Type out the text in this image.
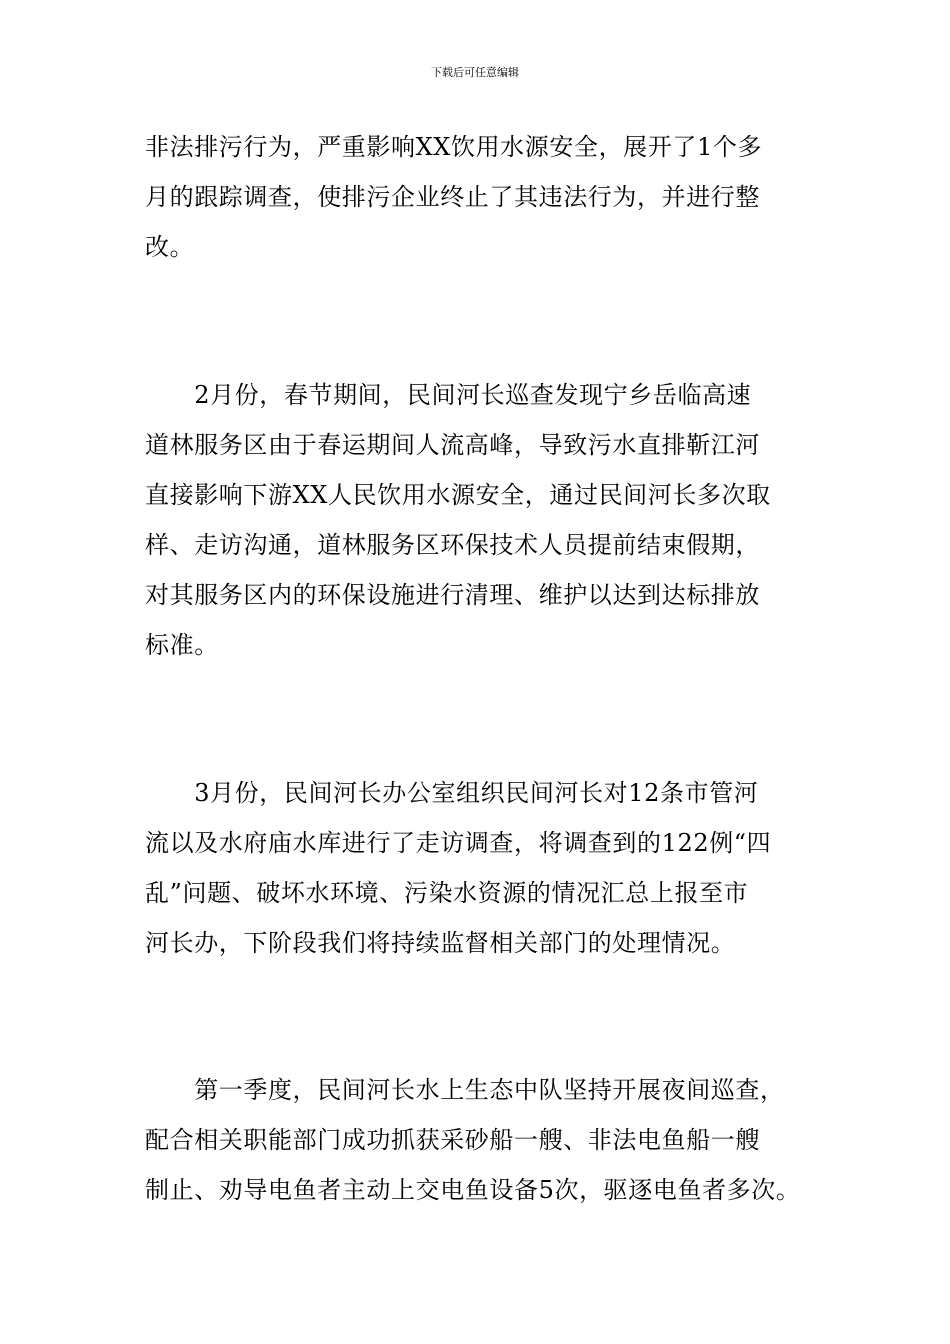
下载后可任意编辑
非法排污行为，严重影响XX饮用水源安全，展开了1个多
月的跟踪调查，使排污企业终止了其违法行为，并进行整
改。
　　2月份，春节期间，民间河长巡查发现宁乡岳临高速
道林服务区由于春运期间人流高峰，导致污水直排靳江河
直接影响下游XX人民饮用水源安全，通过民间河长多次取
样、走访沟通，道林服务区环保技术人员提前结束假期，
对其服务区内的环保设施进行清理、维护以达到达标排放
标准。
　　3月份，民间河长办公室组织民间河长对12条市管河
流以及水府庙水库进行了走访调查，将调查到的122例“四
乱”问题、破坏水环境、污染水资源的情况汇总上报至市
河长办，下阶段我们将持续监督相关部门的处理情况。
　　第一季度，民间河长水上生态中队坚持开展夜间巡查，
配合相关职能部门成功抓获采砂船一艘、非法电鱼船一艘
制止、劝导电鱼者主动上交电鱼设备5次，驱逐电鱼者多次。
